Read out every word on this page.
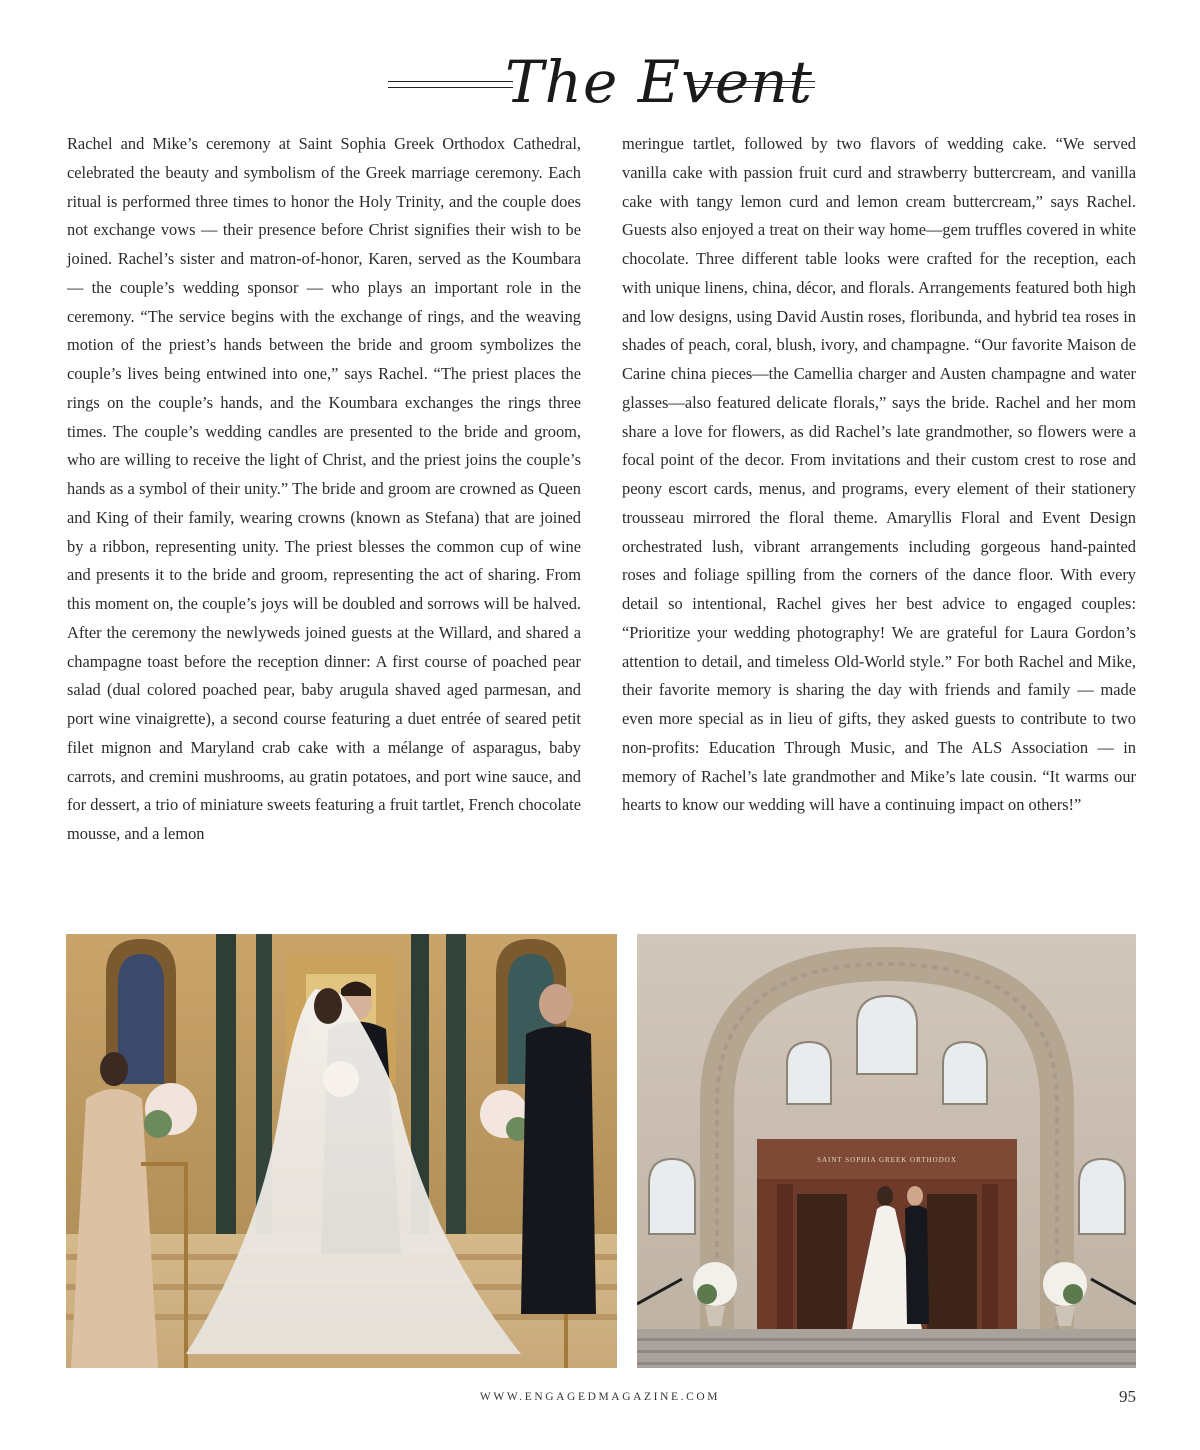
The Event
Rachel and Mike’s ceremony at Saint Sophia Greek Orthodox Cathedral, celebrated the beauty and symbolism of the Greek marriage ceremony. Each ritual is performed three times to honor the Holy Trinity, and the couple does not exchange vows — their presence before Christ signifies their wish to be joined. Rachel’s sister and matron-of-honor, Karen, served as the Koumbara — the couple’s wedding sponsor — who plays an important role in the ceremony. “The service begins with the exchange of rings, and the weaving motion of the priest’s hands between the bride and groom symbolizes the couple’s lives being entwined into one,” says Rachel. “The priest places the rings on the couple’s hands, and the Koumbara exchanges the rings three times. The couple’s wedding candles are presented to the bride and groom, who are willing to receive the light of Christ, and the priest joins the couple’s hands as a symbol of their unity.” The bride and groom are crowned as Queen and King of their family, wearing crowns (known as Stefana) that are joined by a ribbon, representing unity. The priest blesses the common cup of wine and presents it to the bride and groom, representing the act of sharing. From this moment on, the couple’s joys will be doubled and sorrows will be halved. After the ceremony the newlyweds joined guests at the Willard, and shared a champagne toast before the reception dinner: A first course of poached pear salad (dual colored poached pear, baby arugula shaved aged parmesan, and port wine vinaigrette), a second course featuring a duet entrée of seared petit filet mignon and Maryland crab cake with a mélange of asparagus, baby carrots, and cremini mushrooms, au gratin potatoes, and port wine sauce, and for dessert, a trio of miniature sweets featuring a fruit tartlet, French chocolate mousse, and a lemon
meringue tartlet, followed by two flavors of wedding cake. “We served vanilla cake with passion fruit curd and strawberry buttercream, and vanilla cake with tangy lemon curd and lemon cream buttercream,” says Rachel. Guests also enjoyed a treat on their way home—gem truffles covered in white chocolate. Three different table looks were crafted for the reception, each with unique linens, china, décor, and florals. Arrangements featured both high and low designs, using David Austin roses, floribunda, and hybrid tea roses in shades of peach, coral, blush, ivory, and champagne. “Our favorite Maison de Carine china pieces—the Camellia charger and Austen champagne and water glasses—also featured delicate florals,” says the bride. Rachel and her mom share a love for flowers, as did Rachel’s late grandmother, so flowers were a focal point of the decor. From invitations and their custom crest to rose and peony escort cards, menus, and programs, every element of their stationery trousseau mirrored the floral theme. Amaryllis Floral and Event Design orchestrated lush, vibrant arrangements including gorgeous hand-painted roses and foliage spilling from the corners of the dance floor. With every detail so intentional, Rachel gives her best advice to engaged couples: “Prioritize your wedding photography! We are grateful for Laura Gordon’s attention to detail, and timeless Old-World style.” For both Rachel and Mike, their favorite memory is sharing the day with friends and family — made even more special as in lieu of gifts, they asked guests to contribute to two non-profits: Education Through Music, and The ALS Association — in memory of Rachel’s late grandmother and Mike’s late cousin. “It warms our hearts to know our wedding will have a continuing impact on others!”
SAINT SOPHIA GREEK ORTHODOX
WWW.ENGAGEDMAGAZINE.COM	95
